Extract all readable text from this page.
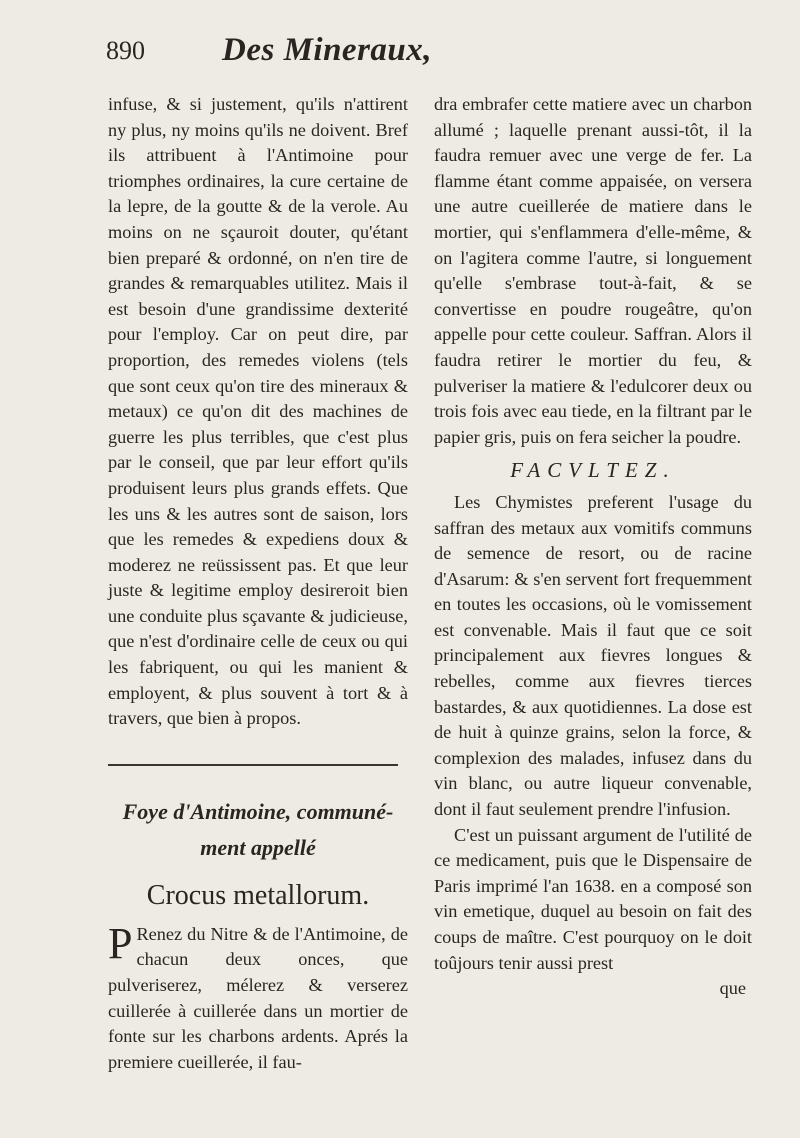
890 Des Mineraux,

infuse, & si justement, qu'ils n'attirent ny plus, ny moins qu'ils ne doivent. Bref ils attribuent à l'Antimoine pour triomphes ordinaires, la cure certaine de la lepre, de la goutte & de la verole. Au moins on ne sçauroit douter, qu'étant bien preparé & ordonné, on n'en tire de grandes & remarquables utilitez. Mais il est besoin d'une grandissime dexterité pour l'employ. Car on peut dire, par proportion, des remedes violens (tels que sont ceux qu'on tire des mineraux & metaux) ce qu'on dit des machines de guerre les plus terribles, que c'est plus par le conseil, que par leur effort qu'ils produisent leurs plus grands effets. Que les uns & les autres sont de saison, lors que les remedes & expediens doux & moderez ne reüssissent pas. Et que leur juste & legitime employ desireroit bien une conduite plus sçavante & judicieuse, que n'est d'ordinaire celle de ceux ou qui les fabriquent, ou qui les manient & employent, & plus souvent à tort & à travers, que bien à propos.

Foye d'Antimoine, communé-
ment appellé
Crocus metallorum.

PRenez du Nitre & de l'Antimoine, de chacun deux onces, que pulveriserez, mélerez & verserez cuillerée à cuillerée dans un mortier de fonte sur les charbons ardents. Aprés la premiere cueillerée, il fau-

dra embrafer cette matiere avec un charbon allumé ; laquelle prenant aussi-tôt, il la faudra remuer avec une verge de fer. La flamme étant comme appaisée, on versera une autre cueillerée de matiere dans le mortier, qui s'enflammera d'elle-même, & on l'agitera comme l'autre, si longuement qu'elle s'embrase tout-à-fait, & se convertisse en poudre rougeâtre, qu'on appelle pour cette couleur. Saffran. Alors il faudra retirer le mortier du feu, & pulveriser la matiere & l'edulcorer deux ou trois fois avec eau tiede, en la filtrant par le papier gris, puis on fera seicher la poudre.

FACVLTEZ.

Les Chymistes preferent l'usage du saffran des metaux aux vomitifs communs de semence de resort, ou de racine d'Asarum: & s'en servent fort frequemment en toutes les occasions, où le vomissement est convenable. Mais il faut que ce soit principalement aux fievres longues & rebelles, comme aux fievres tierces bastardes, & aux quotidiennes. La dose est de huit à quinze grains, selon la force, & complexion des malades, infusez dans du vin blanc, ou autre liqueur convenable, dont il faut seulement prendre l'infusion.

C'est un puissant argument de l'utilité de ce medicament, puis que le Dispensaire de Paris imprimé l'an 1638. en a composé son vin emetique, duquel au besoin on fait des coups de maître. C'est pourquoy on le doit toûjours tenir aussi prest

que
